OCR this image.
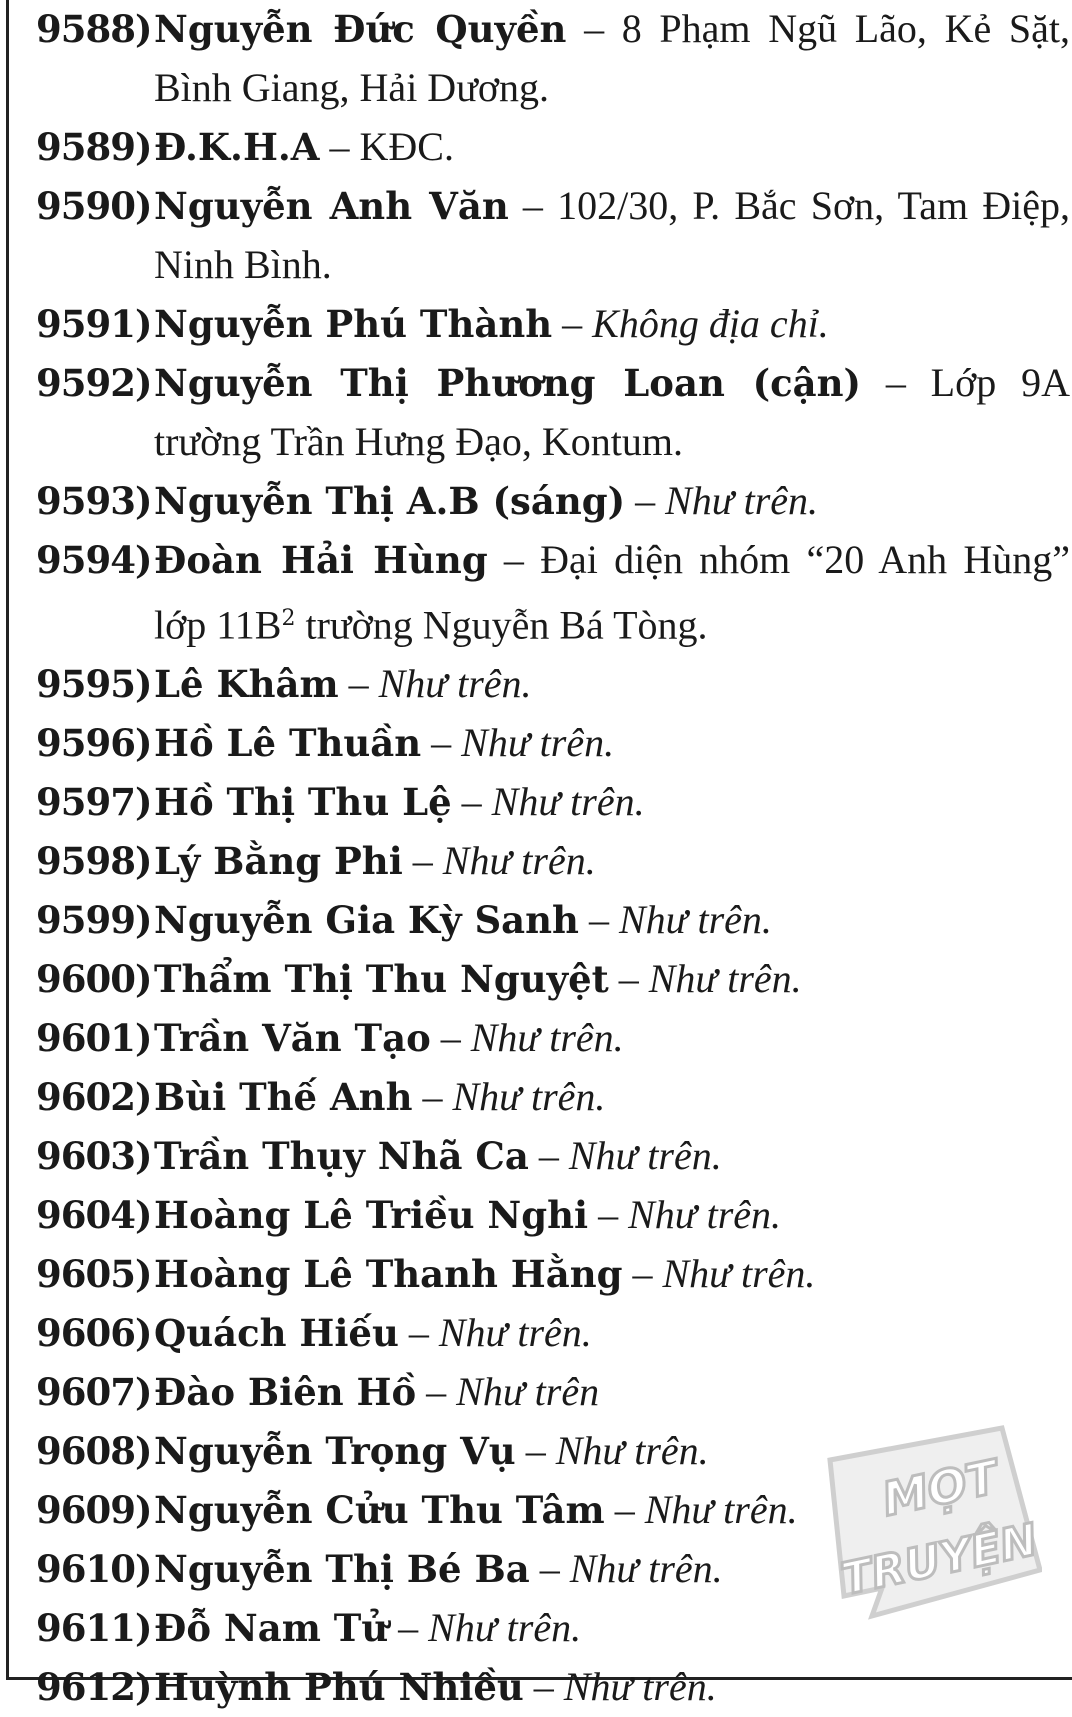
9588) Nguyễn Đức Quyền – 8 Phạm Ngũ Lão, Kẻ Sặt, Bình Giang, Hải Dương.
9589) Đ.K.H.A – KĐC.
9590) Nguyễn Anh Văn – 102/30, P. Bắc Sơn, Tam Điệp, Ninh Bình.
9591) Nguyễn Phú Thành – Không địa chỉ.
9592) Nguyễn Thị Phương Loan (cận) – Lớp 9A trường Trần Hưng Đạo, Kontum.
9593) Nguyễn Thị A.B (sáng) – Như trên.
9594) Đoàn Hải Hùng – Đại diện nhóm “20 Anh Hùng” lớp $11B^2$ trường Nguyễn Bá Tòng.
9595) Lê Khâm – Như trên.
9596) Hồ Lê Thuần – Như trên.
9597) Hồ Thị Thu Lệ – Như trên.
9598) Lý Bằng Phi – Như trên.
9599) Nguyễn Gia Kỳ Sanh – Như trên.
9600) Thẩm Thị Thu Nguyệt – Như trên.
9601) Trần Văn Tạo – Như trên.
9602) Bùi Thế Anh – Như trên.
9603) Trần Thụy Nhã Ca – Như trên.
9604) Hoàng Lê Triều Nghi – Như trên.
9605) Hoàng Lê Thanh Hằng – Như trên.
9606) Quách Hiếu – Như trên.
9607) Đào Biên Hồ – Như trên
9608) Nguyễn Trọng Vụ – Như trên.
9609) Nguyễn Cửu Thu Tâm – Như trên.
9610) Nguyễn Thị Bé Ba – Như trên.
9611) Đỗ Nam Tử – Như trên.
9612) Huỳnh Phú Nhiều – Như trên.
MỌT
TRUYỆN
